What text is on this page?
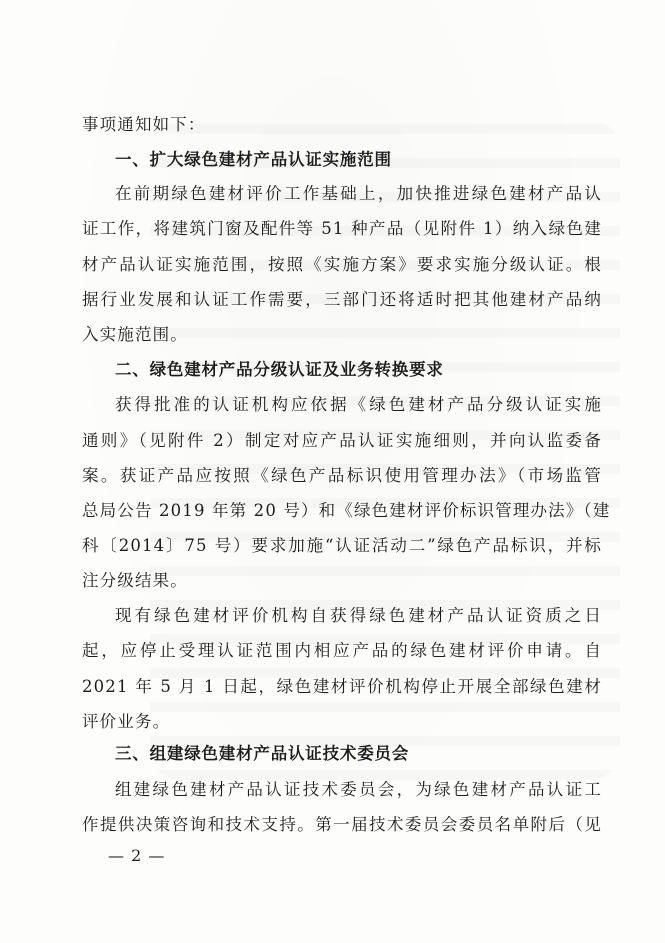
事项通知如下：
一、扩大绿色建材产品认证实施范围
在前期绿色建材评价工作基础上，加快推进绿色建材产品认
证工作，将建筑门窗及配件等 51 种产品（见附件 1）纳入绿色建
材产品认证实施范围，按照《实施方案》要求实施分级认证。根
据行业发展和认证工作需要，三部门还将适时把其他建材产品纳
入实施范围。
二、绿色建材产品分级认证及业务转换要求
获得批准的认证机构应依据《绿色建材产品分级认证实施
通则》（见附件 2）制定对应产品认证实施细则，并向认监委备
案。获证产品应按照《绿色产品标识使用管理办法》（市场监管
总局公告 2019 年第 20 号）和《绿色建材评价标识管理办法》（建
科〔2014〕75 号）要求加施“认证活动二”绿色产品标识，并标
注分级结果。
现有绿色建材评价机构自获得绿色建材产品认证资质之日
起，应停止受理认证范围内相应产品的绿色建材评价申请。自
2021 年 5 月 1 日起，绿色建材评价机构停止开展全部绿色建材
评价业务。
三、组建绿色建材产品认证技术委员会
组建绿色建材产品认证技术委员会，为绿色建材产品认证工
作提供决策咨询和技术支持。第一届技术委员会委员名单附后（见
— 2 —
